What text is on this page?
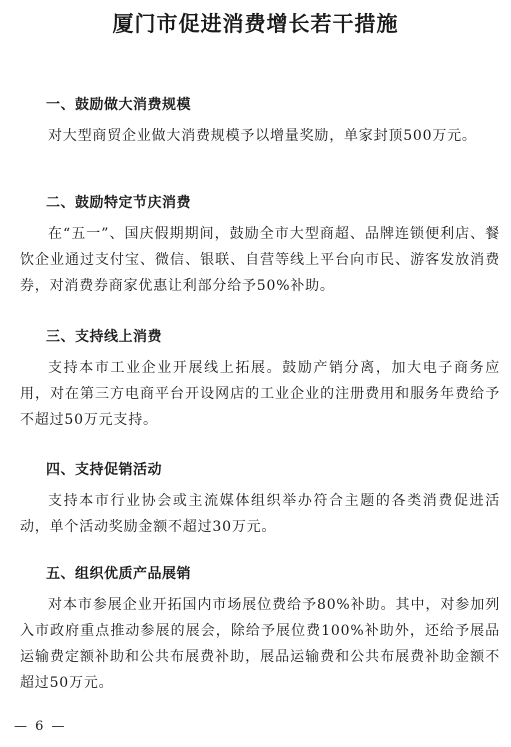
厦门市促进消费增长若干措施
一、鼓励做大消费规模

对大型商贸企业做大消费规模予以增量奖励，单家封顶500万元。

二、鼓励特定节庆消费

在“五一”、国庆假期期间，鼓励全市大型商超、品牌连锁便利店、餐饮企业通过支付宝、微信、银联、自营等线上平台向市民、游客发放消费券，对消费券商家优惠让利部分给予50%补助。

三、支持线上消费

支持本市工业企业开展线上拓展。鼓励产销分离，加大电子商务应用，对在第三方电商平台开设网店的工业企业的注册费用和服务年费给予不超过50万元支持。

四、支持促销活动

支持本市行业协会或主流媒体组织举办符合主题的各类消费促进活动，单个活动奖励金额不超过30万元。

五、组织优质产品展销

对本市参展企业开拓国内市场展位费给予80%补助。其中，对参加列入市政府重点推动参展的展会，除给予展位费100%补助外，还给予展品运输费定额补助和公共布展费补助，展品运输费和公共布展费补助金额不超过50万元。

— 6 —
